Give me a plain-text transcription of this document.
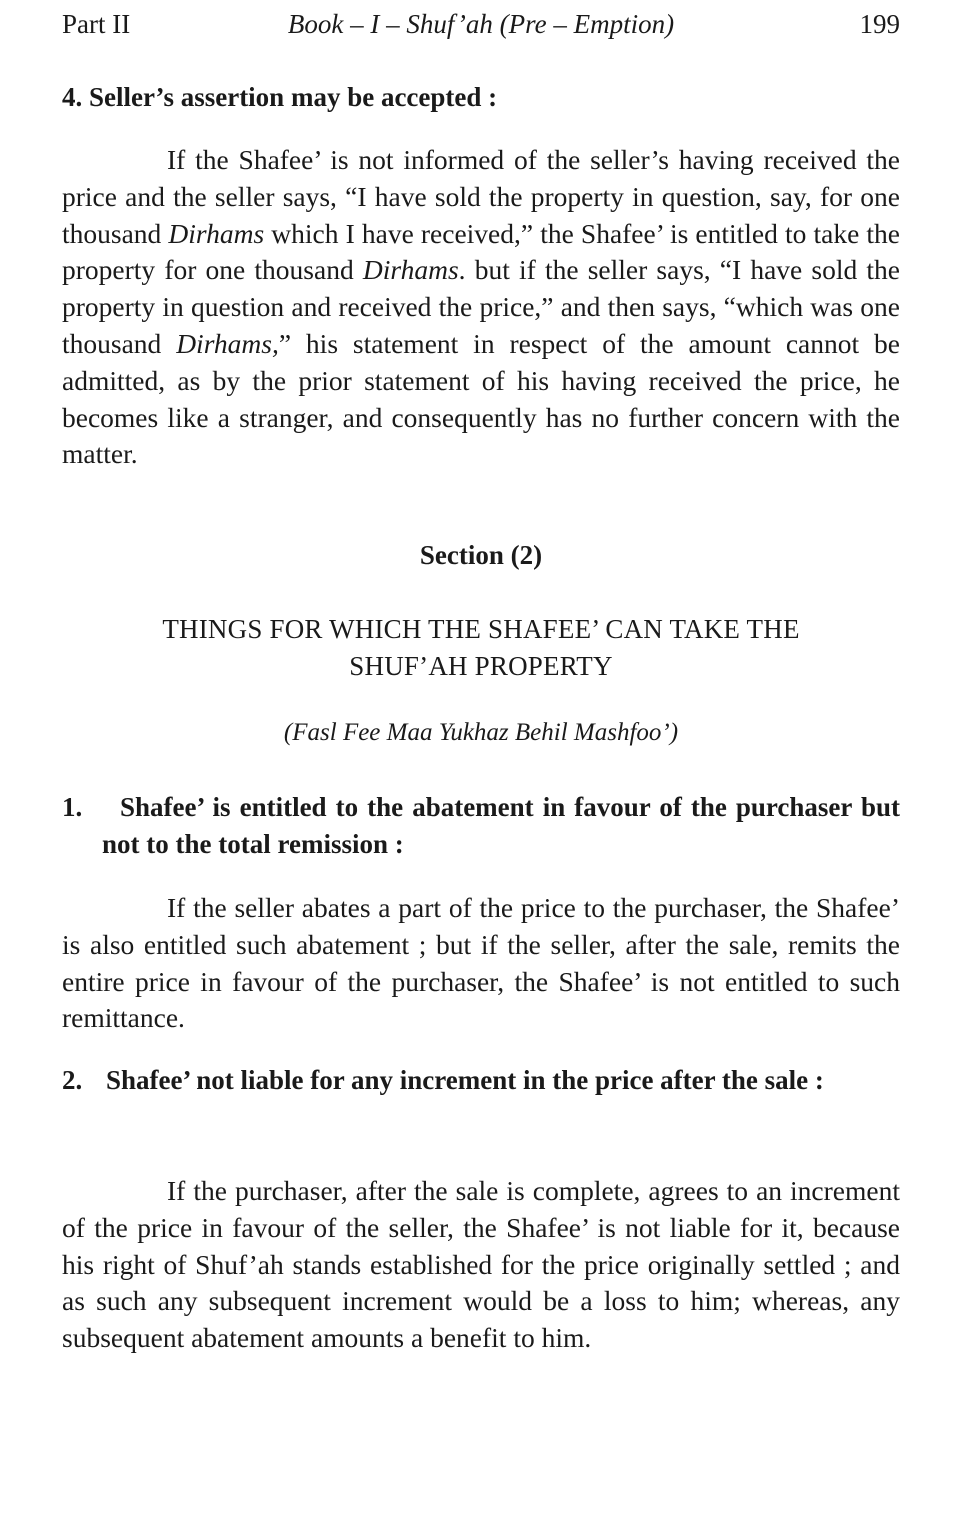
Part II	Book – I – Shuf’ah (Pre – Emption)	199
4. Seller’s assertion may be accepted :

If the Shafee’ is not informed of the seller’s having received the price and the seller says, “I have sold the property in question, say, for one thousand Dirhams which I have received,” the Shafee’ is entitled to take the property for one thousand Dirhams. but if the seller says, “I have sold the property in question and received the price,” and then says, “which was one thousand Dirhams,” his statement in respect of the amount cannot be admitted, as by the prior statement of his having received the price, he becomes like a stranger, and consequently has no further concern with the matter.

Section (2)
THINGS FOR WHICH THE SHAFEE’ CAN TAKE THE
SHUF’AH PROPERTY
(Fasl Fee Maa Yukhaz Behil Mashfoo’)
1.	Shafee’ is entitled to the abatement in favour of the purchaser but not to the total remission :

If the seller abates a part of the price to the purchaser, the Shafee’ is also entitled such abatement ; but if the seller, after the sale, remits the entire price in favour of the purchaser, the Shafee’ is not entitled to such remittance.

2. Shafee’ not liable for any increment in the price after the sale :

If the purchaser, after the sale is complete, agrees to an increment of the price in favour of the seller, the Shafee’ is not liable for it, because his right of Shuf’ah stands established for the price originally settled ; and as such any subsequent increment would be a loss to him; whereas, any subsequent abatement amounts a benefit to him.
